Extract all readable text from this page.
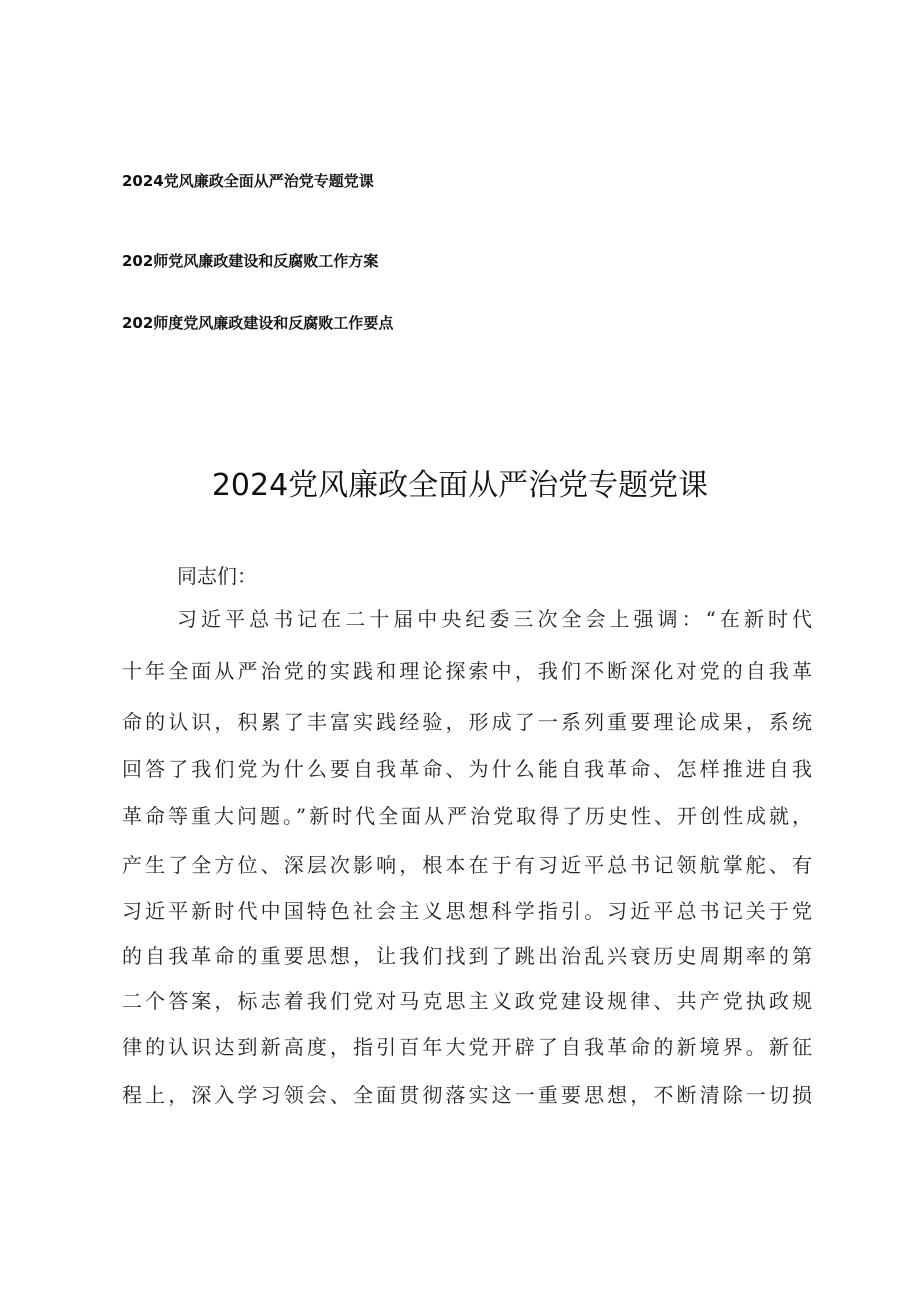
2024党风廉政全面从严治党专题党课
202师党风廉政建设和反腐败工作方案
202师度党风廉政建设和反腐败工作要点
2024党风廉政全面从严治党专题党课
同志们：
习近平总书记在二十届中央纪委三次全会上强调：“在新时代
十年全面从严治党的实践和理论探索中，我们不断深化对党的自我革
命的认识，积累了丰富实践经验，形成了一系列重要理论成果，系统
回答了我们党为什么要自我革命、为什么能自我革命、怎样推进自我
革命等重大问题。”新时代全面从严治党取得了历史性、开创性成就，
产生了全方位、深层次影响，根本在于有习近平总书记领航掌舵、有
习近平新时代中国特色社会主义思想科学指引。习近平总书记关于党
的自我革命的重要思想，让我们找到了跳出治乱兴衰历史周期率的第
二个答案，标志着我们党对马克思主义政党建设规律、共产党执政规
律的认识达到新高度，指引百年大党开辟了自我革命的新境界。新征
程上，深入学习领会、全面贯彻落实这一重要思想，不断清除一切损
